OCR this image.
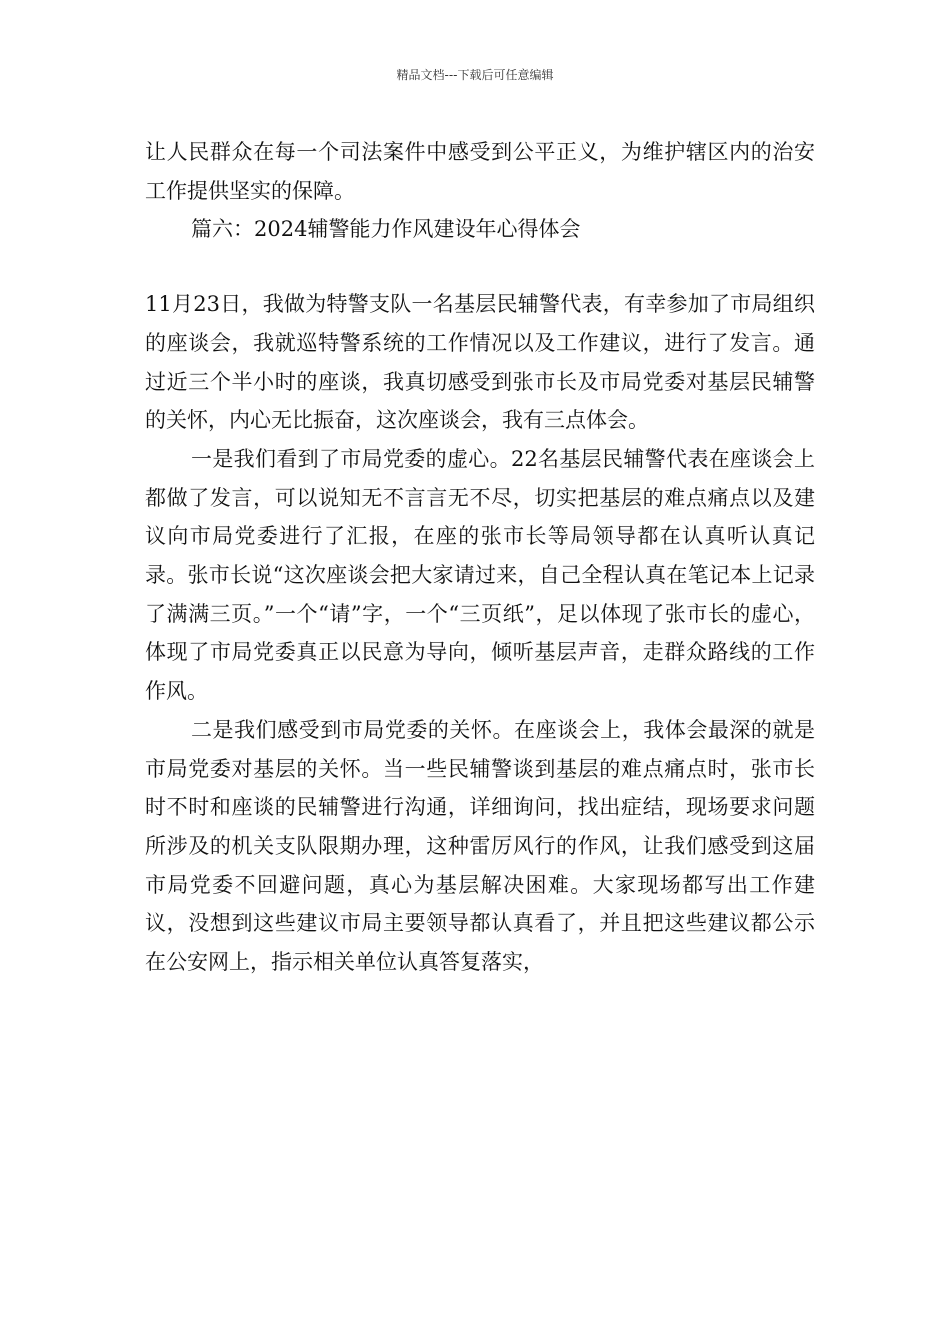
精品文档---下载后可任意编辑

让人民群众在每一个司法案件中感受到公平正义，为维护辖区内的治安工作提供坚实的保障。

篇六：2024辅警能力作风建设年心得体会

11月23日，我做为特警支队一名基层民辅警代表，有幸参加了市局组织的座谈会，我就巡特警系统的工作情况以及工作建议，进行了发言。通过近三个半小时的座谈，我真切感受到张市长及市局党委对基层民辅警的关怀，内心无比振奋，这次座谈会，我有三点体会。

一是我们看到了市局党委的虚心。22名基层民辅警代表在座谈会上都做了发言，可以说知无不言言无不尽，切实把基层的难点痛点以及建议向市局党委进行了汇报，在座的张市长等局领导都在认真听认真记录。张市长说“这次座谈会把大家请过来，自己全程认真在笔记本上记录了满满三页。”一个“请”字，一个“三页纸”，足以体现了张市长的虚心，体现了市局党委真正以民意为导向，倾听基层声音，走群众路线的工作作风。

二是我们感受到市局党委的关怀。在座谈会上，我体会最深的就是市局党委对基层的关怀。当一些民辅警谈到基层的难点痛点时，张市长时不时和座谈的民辅警进行沟通，详细询问，找出症结，现场要求问题所涉及的机关支队限期办理，这种雷厉风行的作风，让我们感受到这届市局党委不回避问题，真心为基层解决困难。大家现场都写出工作建议，没想到这些建议市局主要领导都认真看了，并且把这些建议都公示在公安网上，指示相关单位认真答复落实，
